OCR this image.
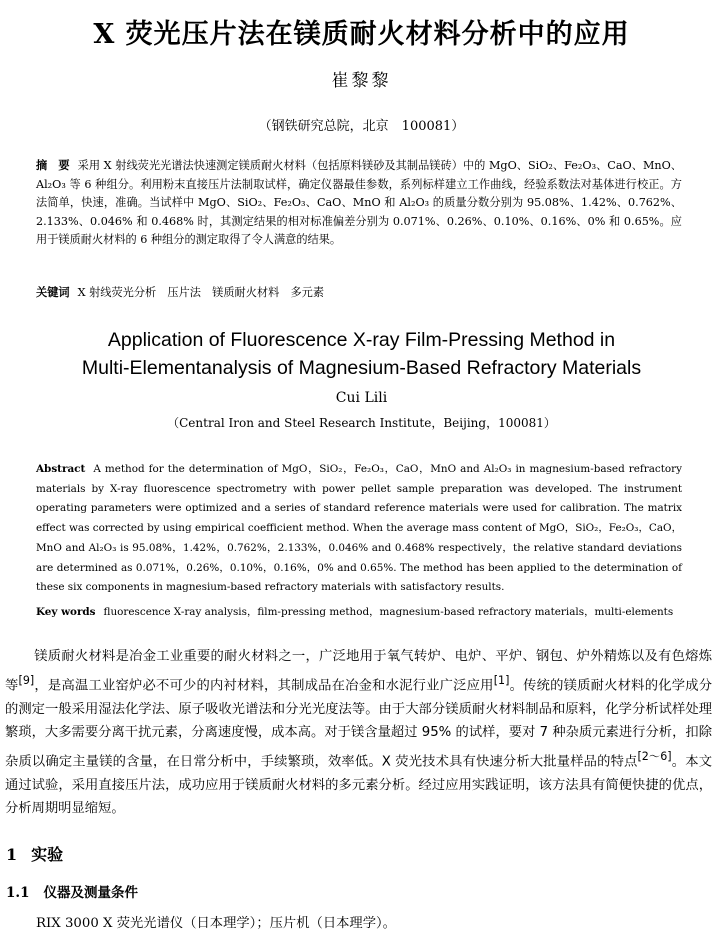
X 荧光压片法在镁质耐火材料分析中的应用
崔黎黎
（钢铁研究总院，北京　100081）
摘　要 采用 X 射线荧光光谱法快速测定镁质耐火材料（包括原料镁砂及其制品镁砖）中的 MgO、SiO₂、Fe₂O₃、CaO、MnO、Al₂O₃ 等 6 种组分。利用粉末直接压片法制取试样，确定仪器最佳参数，系列标样建立工作曲线，经验系数法对基体进行校正。方法简单，快速，准确。当试样中 MgO、SiO₂、Fe₂O₃、CaO、MnO 和 Al₂O₃ 的质量分数分别为 95.08%、1.42%、0.762%、2.133%、0.046% 和 0.468% 时，其测定结果的相对标准偏差分别为 0.071%、0.26%、0.10%、0.16%、0% 和 0.65%。应用于镁质耐火材料的 6 种组分的测定取得了令人满意的结果。
关键词 X 射线荧光分析　压片法　镁质耐火材料　多元素
Application of Fluorescence X-ray Film-Pressing Method in
Multi-Elementanalysis of Magnesium-Based Refractory Materials
Cui Lili
（Central Iron and Steel Research Institute，Beijing，100081）
Abstract A method for the determination of MgO，SiO₂，Fe₂O₃，CaO，MnO and Al₂O₃ in magnesium-based refractory materials by X-ray fluorescence spectrometry with power pellet sample preparation was developed. The instrument operating parameters were optimized and a series of standard reference materials were used for calibration. The matrix effect was corrected by using empirical coefficient method. When the average mass content of MgO，SiO₂，Fe₂O₃，CaO，MnO and Al₂O₃ is 95.08%，1.42%，0.762%，2.133%，0.046% and 0.468% respectively，the relative standard deviations are determined as 0.071%，0.26%，0.10%，0.16%，0% and 0.65%. The method has been applied to the determination of these six components in magnesium-based refractory materials with satisfactory results.
Key words fluorescence X-ray analysis，film-pressing method，magnesium-based refractory materials，multi-elements
镁质耐火材料是冶金工业重要的耐火材料之一，广泛地用于氧气转炉、电炉、平炉、钢包、炉外精炼以及有色熔炼等[9]，是高温工业窑炉必不可少的内衬材料，其制成品在冶金和水泥行业广泛应用[1]。传统的镁质耐火材料的化学成分的测定一般采用湿法化学法、原子吸收光谱法和分光光度法等。由于大部分镁质耐火材料制品和原料，化学分析试样处理繁琐，大多需要分离干扰元素，分离速度慢，成本高。对于镁含量超过 95% 的试样，要对 7 种杂质元素进行分析，扣除杂质以确定主量镁的含量，在日常分析中，手续繁琐，效率低。X 荧光技术具有快速分析大批量样品的特点[2～6]。本文通过试验，采用直接压片法，成功应用于镁质耐火材料的多元素分析。经过应用实践证明，该方法具有简便快捷的优点，分析周期明显缩短。
1 实验
1.1 仪器及测量条件
RIX 3000 X 荧光光谱仪（日本理学）；压片机（日本理学）。
